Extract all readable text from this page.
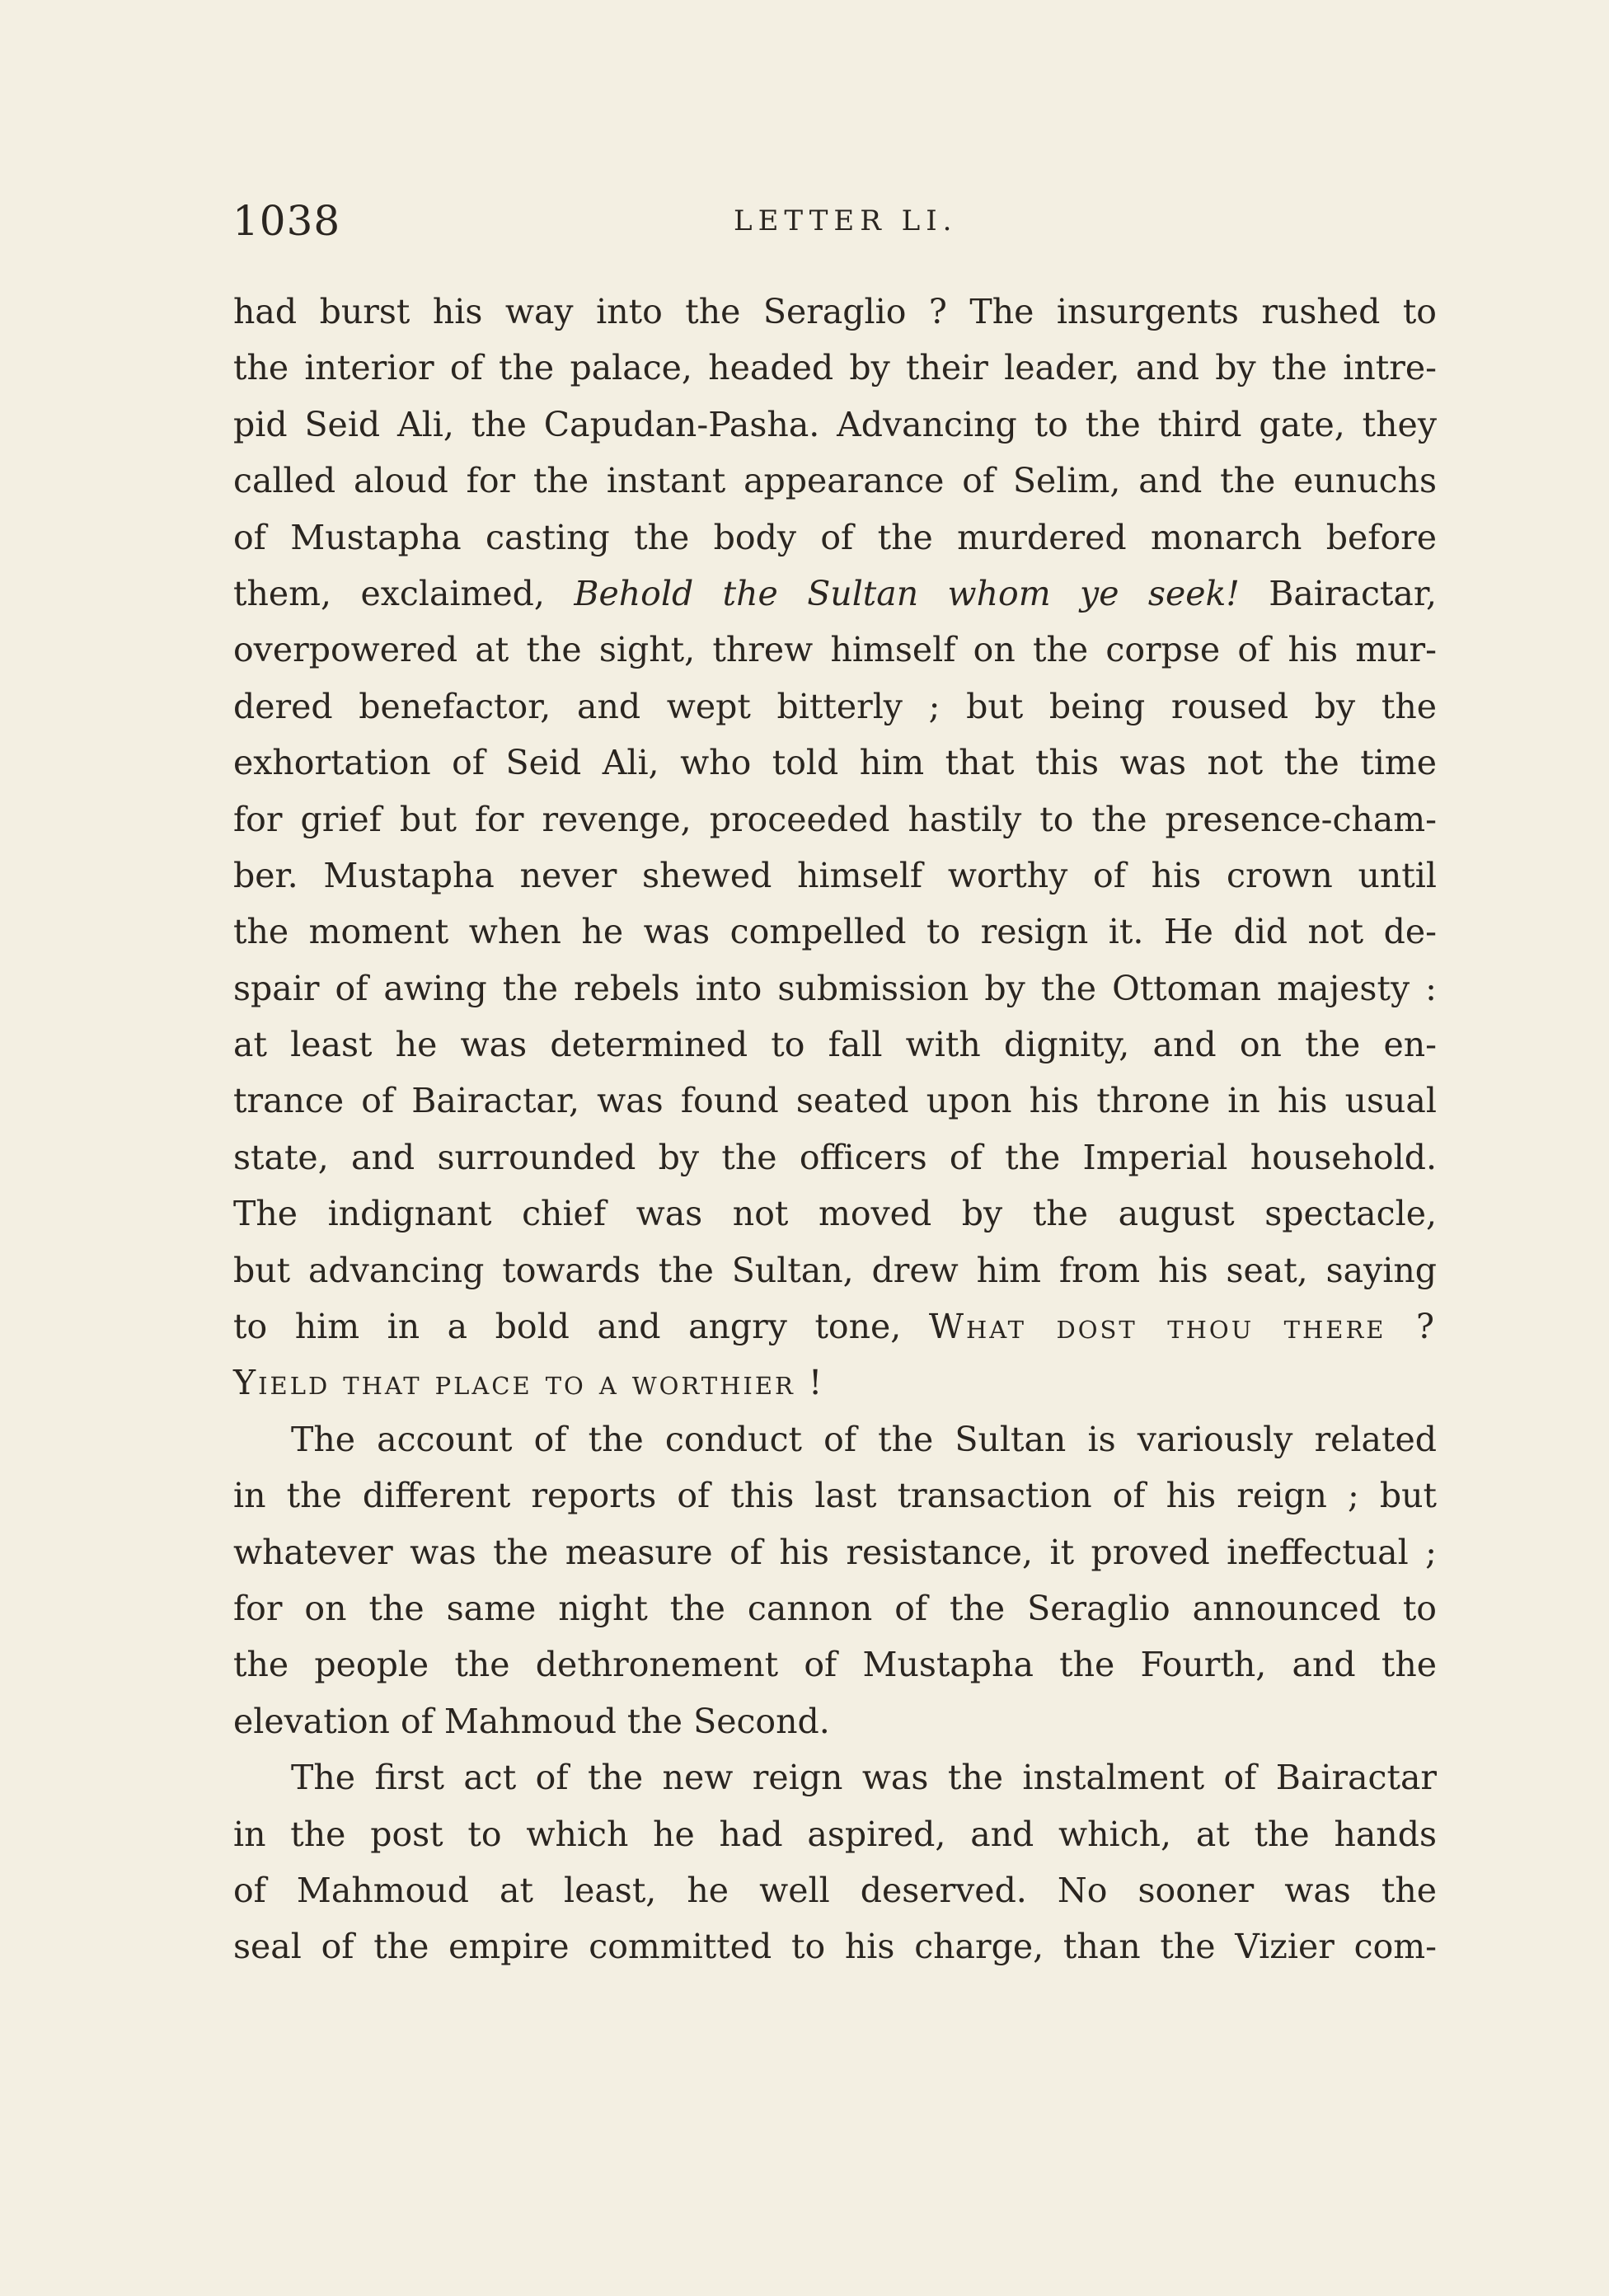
1038	LETTER LI.
had burst his way into the Seraglio ? The insurgents rushed to
the interior of the palace, headed by their leader, and by the intre-
pid Seid Ali, the Capudan-Pasha. Advancing to the third gate, they
called aloud for the instant appearance of Selim, and the eunuchs
of Mustapha casting the body of the murdered monarch before
them, exclaimed, Behold the Sultan whom ye seek! Bairactar,
overpowered at the sight, threw himself on the corpse of his mur-
dered benefactor, and wept bitterly ; but being roused by the
exhortation of Seid Ali, who told him that this was not the time
for grief but for revenge, proceeded hastily to the presence-cham-
ber. Mustapha never shewed himself worthy of his crown until
the moment when he was compelled to resign it. He did not de-
spair of awing the rebels into submission by the Ottoman majesty :
at least he was determined to fall with dignity, and on the en-
trance of Bairactar, was found seated upon his throne in his usual
state, and surrounded by the officers of the Imperial household.
The indignant chief was not moved by the august spectacle,
but advancing towards the Sultan, drew him from his seat, saying
to him in a bold and angry tone, What dost thou there ?
Yield that place to a worthier !
The account of the conduct of the Sultan is variously related
in the different reports of this last transaction of his reign ; but
whatever was the measure of his resistance, it proved ineffectual ;
for on the same night the cannon of the Seraglio announced to
the people the dethronement of Mustapha the Fourth, and the
elevation of Mahmoud the Second.
The first act of the new reign was the instalment of Bairactar
in the post to which he had aspired, and which, at the hands
of Mahmoud at least, he well deserved. No sooner was the
seal of the empire committed to his charge, than the Vizier com-
